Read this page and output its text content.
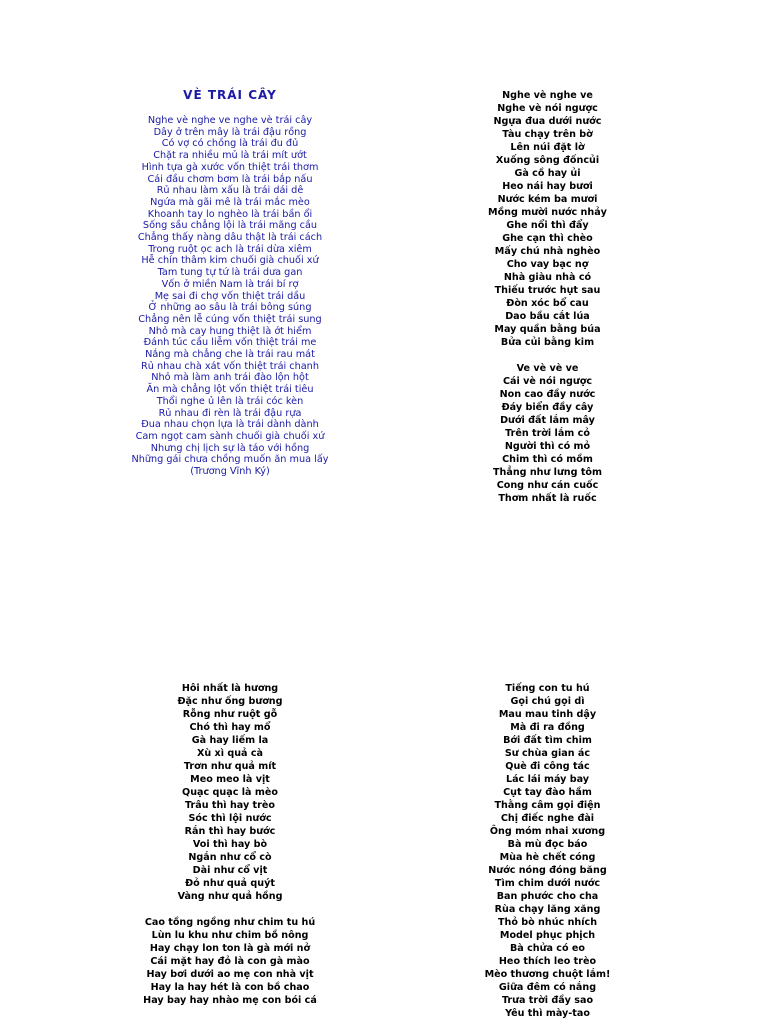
VÈ TRÁI CÂY
Nghe vè nghe ve nghe vè trái cây
Dây ở trên mây là trái đậu rồng
Có vợ có chồng là trái đu đủ
Chặt ra nhiều mủ là trái mít ướt
Hình tựa gà xước vốn thiệt trái thơm
Cái đầu chơm bơm là trái bắp nấu
Rủ nhau làm xấu là trái dái dê
Ngứa mà gãi mê là trái mắc mèo
Khoanh tay lo nghèo là trái bần ổi
Sống sầu chẳng lội là trái mãng cầu
Chẳng thấy nàng dâu thật là trái cách
Trong ruột ọc ach là trái dừa xiêm
Hễ chín thâm kim chuối già chuối xứ
Tam tung tự tứ là trái dưa gan
Vốn ở miền Nam là trái bí rợ
Mẹ sai đi chợ vốn thiệt trái dầu
Ở những ao sâu là trái bông súng
Chẳng nên lễ cúng vốn thiệt trái sung
Nhỏ mà cay hung thiệt là ớt hiểm
Đánh túc cầu liễm vốn thiệt trái me
Nắng mà chẳng che là trái rau mát
Rủ nhau chà xát vốn thiệt trái chanh
Nhỏ mà làm anh trái đào lộn hột
Ăn mà chẳng lột vốn thiệt trái tiêu
Thổi nghe ủ lên là trái cóc kèn
Rủ nhau đi rèn là trái đậu rựa
Đua nhau chọn lựa là trái dành dành
Cam ngọt cam sành chuối già chuối xứ
Nhưng chị lịch sự là táo với hồng
Những gái chưa chồng muốn ăn mua lấy
(Trương Vĩnh Ký)
Nghe vè nghe ve
Nghe vè nói ngược
Ngựa đua dưới nước
Tàu chạy trên bờ
Lên núi đặt lờ
Xuống sông đốncủi
Gà cồ hay ủi
Heo nái hay bươi
Nước kém ba mươi
Mồng mười nước nhảy
Ghe nổi thì đẩy
Ghe cạn thì chèo
Mấy chú nhà nghèo
Cho vay bạc nợ
Nhà giàu nhà có
Thiếu trước hụt sau
Đòn xóc bổ cau
Dao bầu cắt lúa
May quần bằng búa
Bửa củi bằng kim

Ve vè vè ve
Cái vè nói ngược
Non cao đầy nước
Đáy biển đầy cây
Dưới đất lắm mây
Trên trời lắm cỏ
Người thì có mỏ
Chim thì có mồm
Thẳng như lưng tôm
Cong như cán cuốc
Thơm nhất là ruốc
Hôi nhất là hương
Đặc như ống bương
Rỗng như ruột gỗ
Chó thì hay mổ
Gà hay liếm la
Xù xì quả cà
Trơn như quả mít
Meo meo là vịt
Quạc quạc là mèo
Trâu thì hay trèo
Sóc thì lội nước
Rắn thì hay bước
Voi thì hay bò
Ngắn như cổ cò
Dài như cổ vịt
Đỏ như quả quýt
Vàng như quả hồng

Cao tồng ngồng như chim tu hú
Lùn lu khu như chim bồ nông
Hay chạy lon ton là gà mới nở
Cái mặt hay đỏ là con gà mào
Hay bơi dưới ao mẹ con nhà vịt
Hay la hay hét là con bồ chao
Hay bay hay nhào mẹ con bói cá
Tiếng con tu hú
Gọi chú gọi dì
Mau mau tinh dậy
Mà đi ra đồng
Bới đất tìm chim
Sư chùa gian ác
Què đi công tác
Lác lái máy bay
Cụt tay đào hầm
Thằng câm gọi điện
Chị điếc nghe đài
Ông móm nhai xương
Bà mù đọc báo
Mùa hè chết cóng
Nước nóng đóng băng
Tìm chim dưới nước
Ban phước cho cha
Rùa chạy lăng xăng
Thỏ bò nhúc nhích
Model phục phịch
Bà chửa có eo
Heo thích leo trèo
Mèo thương chuột lắm!
Giữa đêm có nắng
Trưa trời đầy sao
Yêu thì mày-tao
